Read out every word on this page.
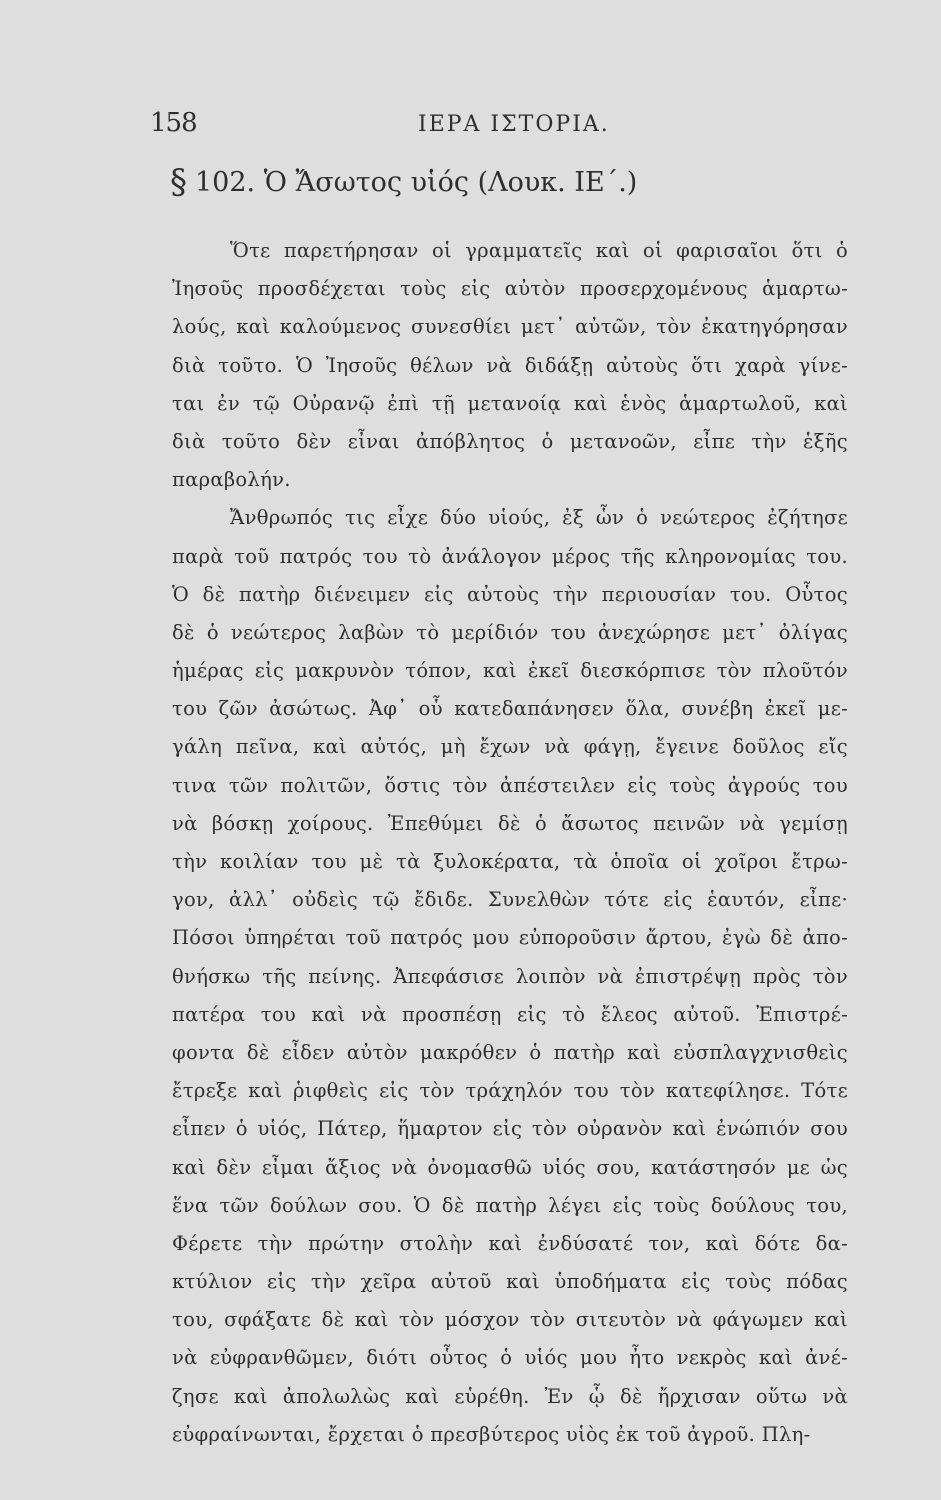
158	ΙΕΡΑ ΙΣΤΟΡΙΑ.
§ 102. Ὁ Ἄσωτος υἱός (Λουκ. ΙΕ΄.)
Ὅτε παρετήρησαν οἱ γραμματεῖς καὶ οἱ φαρισαῖοι ὅτι ὁ
Ἰησοῦς προσδέχεται τοὺς εἰς αὐτὸν προσερχομένους ἁμαρτω-
λούς, καὶ καλούμενος συνεσθίει μετ᾽ αὐτῶν, τὸν ἐκατηγόρησαν
διὰ τοῦτο. Ὁ Ἰησοῦς θέλων νὰ διδάξῃ αὐτοὺς ὅτι χαρὰ γίνε-
ται ἐν τῷ Οὐρανῷ ἐπὶ τῇ μετανοίᾳ καὶ ἑνὸς ἁμαρτωλοῦ, καὶ
διὰ τοῦτο δὲν εἶναι ἀπόβλητος ὁ μετανοῶν, εἶπε τὴν ἑξῆς
παραβολήν.
Ἄνθρωπός τις εἶχε δύο υἱούς, ἐξ ὧν ὁ νεώτερος ἐζήτησε
παρὰ τοῦ πατρός του τὸ ἀνάλογον μέρος τῆς κληρονομίας του.
Ὁ δὲ πατὴρ διένειμεν εἰς αὐτοὺς τὴν περιουσίαν του. Οὗτος
δὲ ὁ νεώτερος λαβὼν τὸ μερίδιόν του ἀνεχώρησε μετ᾽ ὀλίγας
ἡμέρας εἰς μακρυνὸν τόπον, καὶ ἐκεῖ διεσκόρπισε τὸν πλοῦτόν
του ζῶν ἀσώτως. Ἀφ᾽ οὗ κατεδαπάνησεν ὅλα, συνέβη ἐκεῖ με-
γάλη πεῖνα, καὶ αὐτός, μὴ ἔχων νὰ φάγῃ, ἔγεινε δοῦλος εἴς
τινα τῶν πολιτῶν, ὅστις τὸν ἀπέστειλεν εἰς τοὺς ἀγρούς του
νὰ βόσκῃ χοίρους. Ἐπεθύμει δὲ ὁ ἄσωτος πεινῶν νὰ γεμίσῃ
τὴν κοιλίαν του μὲ τὰ ξυλοκέρατα, τὰ ὁποῖα οἱ χοῖροι ἔτρω-
γον, ἀλλ᾽ οὐδεὶς τῷ ἔδιδε. Συνελθὼν τότε εἰς ἑαυτόν, εἶπε·
Πόσοι ὑπηρέται τοῦ πατρός μου εὐποροῦσιν ἄρτου, ἐγὼ δὲ ἀπο-
θνήσκω τῆς πείνης. Ἀπεφάσισε λοιπὸν νὰ ἐπιστρέψῃ πρὸς τὸν
πατέρα του καὶ νὰ προσπέσῃ εἰς τὸ ἔλεος αὐτοῦ. Ἐπιστρέ-
φοντα δὲ εἶδεν αὐτὸν μακρόθεν ὁ πατὴρ καὶ εὐσπλαγχνισθεὶς
ἔτρεξε καὶ ῥιφθεὶς εἰς τὸν τράχηλόν του τὸν κατεφίλησε. Τότε
εἶπεν ὁ υἱός, Πάτερ, ἥμαρτον εἰς τὸν οὐρανὸν καὶ ἐνώπιόν σου
καὶ δὲν εἶμαι ἄξιος νὰ ὀνομασθῶ υἱός σου, κατάστησόν με ὡς
ἕνα τῶν δούλων σου. Ὁ δὲ πατὴρ λέγει εἰς τοὺς δούλους του,
Φέρετε τὴν πρώτην στολὴν καὶ ἐνδύσατέ τον, καὶ δότε δα-
κτύλιον εἰς τὴν χεῖρα αὐτοῦ καὶ ὑποδήματα εἰς τοὺς πόδας
του, σφάξατε δὲ καὶ τὸν μόσχον τὸν σιτευτὸν νὰ φάγωμεν καὶ
νὰ εὐφρανθῶμεν, διότι οὗτος ὁ υἱός μου ἦτο νεκρὸς καὶ ἀνέ-
ζησε καὶ ἀπολωλὼς καὶ εὑρέθη. Ἐν ᾧ δὲ ἤρχισαν οὕτω νὰ
εὐφραίνωνται, ἔρχεται ὁ πρεσβύτερος υἱὸς ἐκ τοῦ ἀγροῦ. Πλη-
